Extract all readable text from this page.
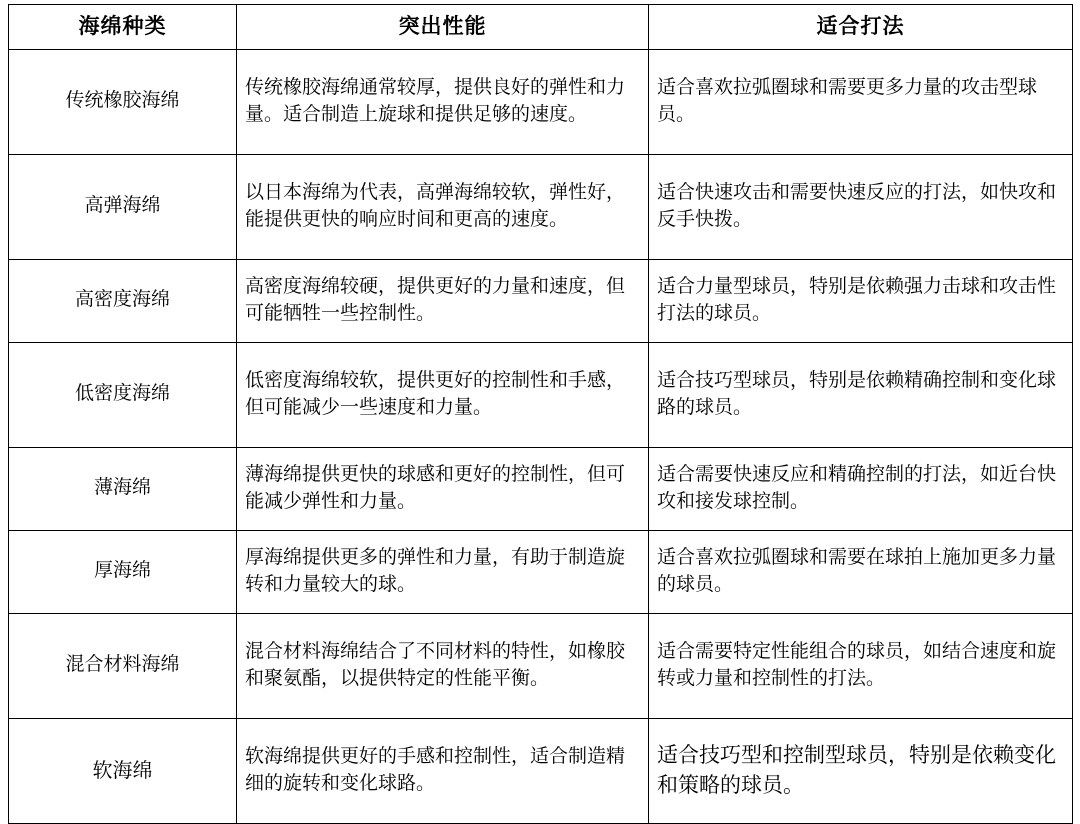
海绵种类	突出性能	适合打法
传统橡胶海绵	传统橡胶海绵通常较厚，提供良好的弹性和力量。适合制造上旋球和提供足够的速度。	适合喜欢拉弧圈球和需要更多力量的攻击型球员。
高弹海绵	以日本海绵为代表，高弹海绵较软，弹性好，能提供更快的响应时间和更高的速度。	适合快速攻击和需要快速反应的打法，如快攻和反手快拨。
高密度海绵	高密度海绵较硬，提供更好的力量和速度，但可能牺牲一些控制性。	适合力量型球员，特别是依赖强力击球和攻击性打法的球员。
低密度海绵	低密度海绵较软，提供更好的控制性和手感，但可能减少一些速度和力量。	适合技巧型球员，特别是依赖精确控制和变化球路的球员。
薄海绵	薄海绵提供更快的球感和更好的控制性，但可能减少弹性和力量。	适合需要快速反应和精确控制的打法，如近台快攻和接发球控制。
厚海绵	厚海绵提供更多的弹性和力量，有助于制造旋转和力量较大的球。	适合喜欢拉弧圈球和需要在球拍上施加更多力量的球员。
混合材料海绵	混合材料海绵结合了不同材料的特性，如橡胶和聚氨酯，以提供特定的性能平衡。	适合需要特定性能组合的球员，如结合速度和旋转或力量和控制性的打法。
软海绵	软海绵提供更好的手感和控制性，适合制造精细的旋转和变化球路。	适合技巧型和控制型球员，特别是依赖变化和策略的球员。
